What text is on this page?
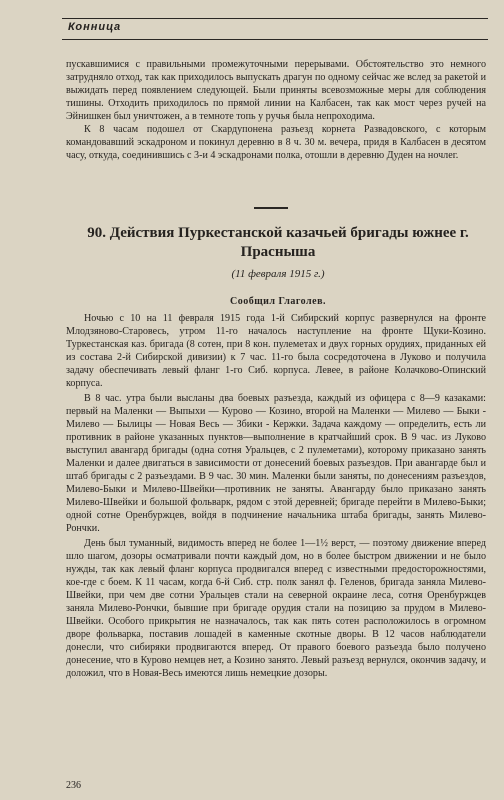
Конница

пускавшимися с правильными промежуточными перерывами. Обстоятельство это немного затрудняло отход, так как приходилось выпускать драгун по одному сейчас же вслед за ракетой и выжидать перед появлением следующей. Были приняты всевозможные меры для соблюдения тишины. Отходить приходилось по прямой линии на Калбасен, так как мост через ручей на Эйнишкен был уничтожен, а в темноте топь у ручья была непроходима.

К 8 часам подошел от Скардупонена разъезд корнета Развадовского, с которым командовавший эскадроном и покинул деревню в 8 ч. 30 м. вечера, придя в Калбасен в десятом часу, откуда, соединившись с 3-и 4 эскадронами полка, отошли в деревню Дуден на ночлег.

90. Действия Пуркестанской казачьей бригады южнее г. Прасныша
(11 февраля 1915 г.)
Сообщил Глаголев.

Ночью с 10 на 11 февраля 1915 года 1-й Сибирский корпус развернулся на фронте Млодзяново-Старовесь, утром 11-го началось наступление на фронте Щуки-Козино. Туркестанская каз. бригада (8 сотен, при 8 кон. пулеметах и двух горных орудиях, приданных ей из состава 2-й Сибирской дивизии) к 7 час. 11-го была сосредоточена в Луково и получила задачу обеспечивать левый фланг 1-го Сиб. корпуса. Левее, в районе Колачково-Опинский корпуса.

В 8 час. утра были высланы два боевых разъезда, каждый из офицера с 8—9 казаками: первый на Маленки — Выпыхи — Курово — Козино, второй на Маленки — Милево — Быки - Милево — Былицы — Новая Весь — Збики - Кержки. Задача каждому — определить, есть ли противник в районе указанных пунктов—выполнение в кратчайший срок. В 9 час. из Луково выступил авангард бригады (одна сотня Уральцев, с 2 пулеметами), которому приказано занять Маленки и далее двигаться в зависимости от донесений боевых разъездов. При авангарде был и штаб бригады с 2 разъездами. В 9 час. 30 мин. Маленки были заняты, по донесениям разъездов, Милево-Быки и Милево-Швейки—противник не заняты. Авангарду было приказано занять Милево-Швейки и большой фольварк, рядом с этой деревней; бригаде перейти в Милево-Быки; одной сотне Оренбуржцев, войдя в подчинение начальника штаба бригады, занять Милево-Рончки.

День был туманный, видимость вперед не более 1—1½ верст, — поэтому движение вперед шло шагом, дозоры осматривали почти каждый дом, но в более быстром движении и не было нужды, так как левый фланг корпуса продвигался вперед с известными предосторожностями, кое-где с боем. К 11 часам, когда 6-й Сиб. стр. полк занял ф. Геленов, бригада заняла Милево-Швейки, при чем две сотни Уральцев стали на северной окраине леса, сотня Оренбуржцев заняла Милево-Рончки, бывшие при бригаде орудия стали на позицию за прудом в Милево-Швейки. Особого прикрытия не назначалось, так как пять сотен расположилось в огромном дворе фольварка, поставив лошадей в каменные скотные дворы. В 12 часов наблюдатели донесли, что сибиряки продвигаются вперед. От правого боевого разъезда было получено донесение, что в Курово немцев нет, а Козино занято. Левый разъезд вернулся, окончив задачу, и доложил, что в Новая-Весь имеются лишь немецкие дозоры.

236
